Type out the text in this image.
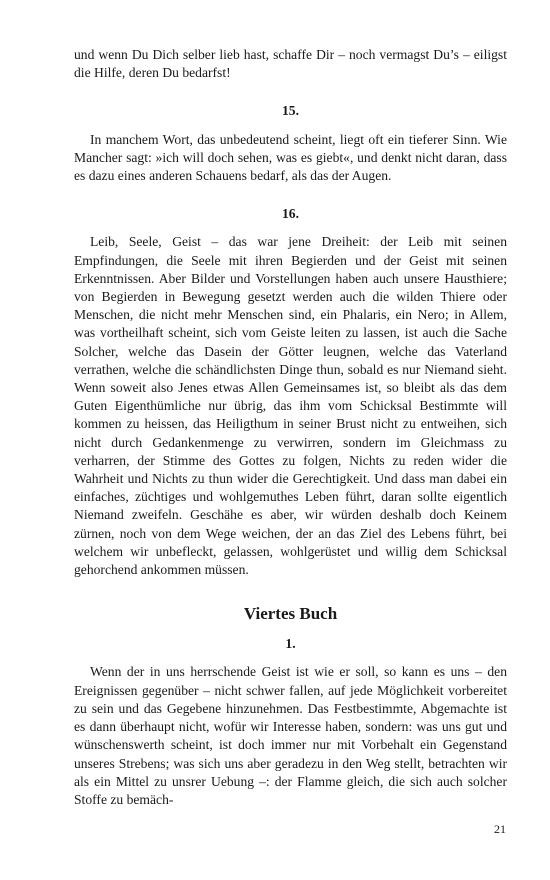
und wenn Du Dich selber lieb hast, schaffe Dir – noch vermagst Du’s – eiligst die Hilfe, deren Du bedarfst!

15.

In manchem Wort, das unbedeutend scheint, liegt oft ein tieferer Sinn. Wie Mancher sagt: »ich will doch sehen, was es giebt«, und denkt nicht daran, dass es dazu eines anderen Schauens bedarf, als das der Augen.

16.

Leib, Seele, Geist – das war jene Dreiheit: der Leib mit seinen Empfindungen, die Seele mit ihren Begierden und der Geist mit seinen Erkenntnissen. Aber Bilder und Vorstellungen haben auch unsere Hausthiere; von Begierden in Bewegung gesetzt werden auch die wilden Thiere oder Menschen, die nicht mehr Menschen sind, ein Phalaris, ein Nero; in Allem, was vortheilhaft scheint, sich vom Geiste leiten zu lassen, ist auch die Sache Solcher, welche das Dasein der Götter leugnen, welche das Vaterland verrathen, welche die schändlichsten Dinge thun, sobald es nur Niemand sieht. Wenn soweit also Jenes etwas Allen Gemeinsames ist, so bleibt als das dem Guten Eigenthümliche nur übrig, das ihm vom Schicksal Bestimmte will kommen zu heissen, das Heiligthum in seiner Brust nicht zu entweihen, sich nicht durch Gedankenmenge zu verwirren, sondern im Gleichmass zu verharren, der Stimme des Gottes zu folgen, Nichts zu reden wider die Wahrheit und Nichts zu thun wider die Gerechtigkeit. Und dass man dabei ein einfaches, züchtiges und wohlgemuthes Leben führt, daran sollte eigentlich Niemand zweifeln. Geschähe es aber, wir würden deshalb doch Keinem zürnen, noch von dem Wege weichen, der an das Ziel des Lebens führt, bei welchem wir unbefleckt, gelassen, wohlgerüstet und willig dem Schicksal gehorchend ankommen müssen.

Viertes Buch
1.

Wenn der in uns herrschende Geist ist wie er soll, so kann es uns – den Ereignissen gegenüber – nicht schwer fallen, auf jede Möglichkeit vorbereitet zu sein und das Gegebene hinzunehmen. Das Festbestimmte, Abgemachte ist es dann überhaupt nicht, wofür wir Interesse haben, sondern: was uns gut und wünschenswerth scheint, ist doch immer nur mit Vorbehalt ein Gegenstand unseres Strebens; was sich uns aber geradezu in den Weg stellt, betrachten wir als ein Mittel zu unsrer Uebung –: der Flamme gleich, die sich auch solcher Stoffe zu bemäch-

21
